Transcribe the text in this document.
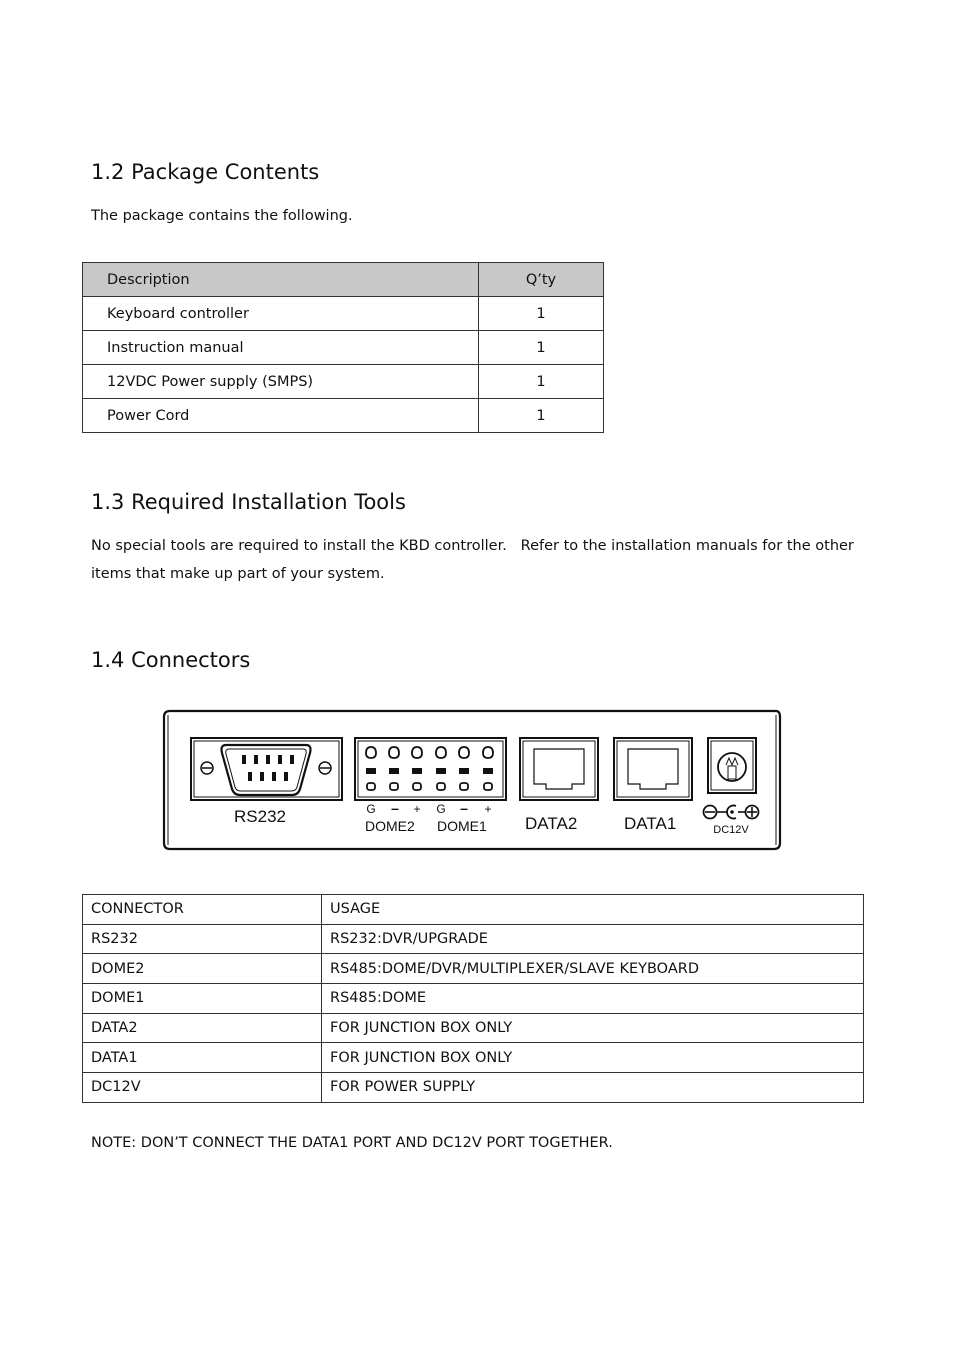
1.2 Package Contents
The package contains the following.
Description	Q’ty
Keyboard controller	1
Instruction manual	1
12VDC Power supply (SMPS)	1
Power Cord	1
1.3 Required Installation Tools
No special tools are required to install the KBD controller.   Refer to the installation manuals for the other
items that make up part of your system.
1.4 Connectors
RS232	G – + G – +
DOME2 DOME1 DATA2	DATA1	DC12V
CONNECTOR	USAGE
RS232	RS232:DVR/UPGRADE
DOME2	RS485:DOME/DVR/MULTIPLEXER/SLAVE KEYBOARD
DOME1	RS485:DOME
DATA2	FOR JUNCTION BOX ONLY
DATA1	FOR JUNCTION BOX ONLY
DC12V	FOR POWER SUPPLY
NOTE: DON’T CONNECT THE DATA1 PORT AND DC12V PORT TOGETHER.
